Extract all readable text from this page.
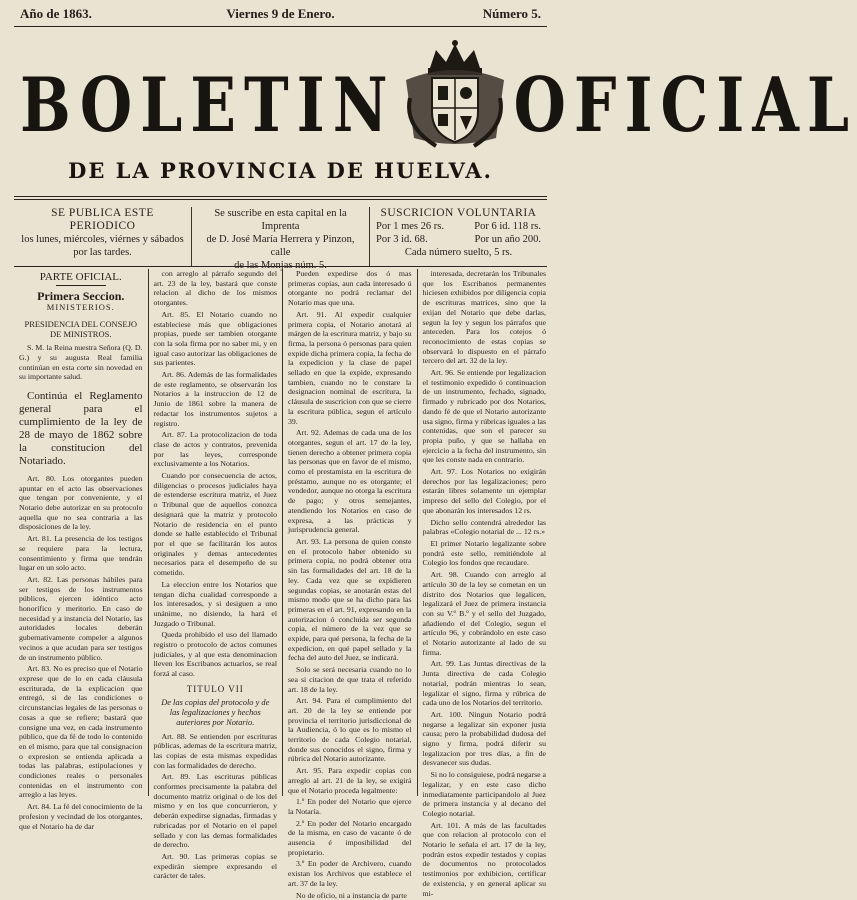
Año de 1863.	Viernes 9 de Enero.	Número 5.
BOLETIN OFICIAL
DE LA PROVINCIA DE HUELVA.
SE PUBLICA ESTE PERIODICO
los lunes, miércoles, viérnes y sábados
por las tardes.
Se suscribe en esta capital en la Imprenta
de D. José María Herrera y Pinzon, calle
de las Monjas núm. 5.
SUSCRICION VOLUNTARIA
Por 1 mes 26 rs.	Por 6 id. 118 rs.
Por 3 id. 68.	Por un año 200.
Cada número suelto, 5 rs.
PARTE OFICIAL.
Primera Seccion.
MINISTERIOS.
PRESIDENCIA DEL CONSEJO DE MINISTROS.

S. M. la Reina nuestra Señora (Q. D. G.) y su augusta Real familia continúan en esta corte sin novedad en su importante salud.

Continúa el Reglamento general para el cumplimiento de la ley de 28 de mayo de 1862 sobre la constitucion del Notariado.

Art. 80. Los otorgantes pueden apuntar en el acto las observaciones que tengan por conveniente, y el Notario debe autorizar en su protocolo aquella que no sea contraria a las disposiciones de la ley.

Art. 81. La presencia de los testigos se requiere para la lectura, consentimiento y firma que tendrán lugar en un solo acto.

Art. 82. Las personas hábiles para ser testigos de los instrumentos públicos, ejercen idéntico acto honorífico y meritorio. En caso de necesidad y a instancia del Notario, las autoridades locales deberán gubernativamente compeler a algunos vecinos a que acudan para ser testigos de un instrumento público.

Art. 83. No es preciso que el Notario exprese que de lo en cada cláusula escriturada, de la explicacion que entregó, si de las condiciones o circunstancias legales de las personas o cosas a que se refiere; bastará que consigne una vez, en cada instrumento público, que da fé de todo lo contenido en el mismo, para que tal consignacion o expresion se entienda aplicada a todas las palabras, estipulaciones y condiciones reales o personales contenidas en el instrumento con arreglo a las leyes.

Art. 84. La fé del conocimiento de la profesion y vecindad de los otorgantes, que el Notario ha de dar

con arreglo al párrafo segundo del art. 23 de la ley, bastará que conste relacion al dicho de los mismos otorgantes.

Art. 85. El Notario cuando no estableciese más que obligaciones propias, puede ser tambien otorgante con la sola firma por no saber mi, y en igual caso autorizar las obligaciones de sus parientes.

Art. 86. Además de las formalidades de este reglamento, se observarán los Notarios a la instruccion de 12 de Junio de 1861 sobre la manera de redactar los instrumentos sujetos a registro.

Art. 87. La protocolizacion de toda clase de actos y contratos, prevenida por las leyes, corresponde exclusivamente a los Notarios.

Cuando por consecuencia de actos, diligencias o procesos judiciales haya de estenderse escritura matriz, el Juez o Tribunal que de aquellos conozca designará que la matriz y protocolo Notario de residencia en el punto donde se halle establecido el Tribunal por el que se facilitarán los autos originales y demas antecedentes necesarios para el desempeño de su cometido.

La eleccion entre los Notarios que tengan dicha cualidad corresponde a los interesados, y si desiguen a uno unánime, no disiendo, la hará el Juzgado o Tribunal.

Queda prohibido el uso del llamado registro o protocolo de actos comunes judiciales, y al que esta denominacion lleven los Escribanos actuarios, se real forzá al caso.

TITULO VII
De las copias del protocolo y de las legalizaciones y hechos auteriores por Notario.

Art. 88. Se entienden por escrituras públicas, ademas de la escritura matriz, las copias de esta mismas expedidas con las formalidades de derecho.

Art. 89. Las escrituras públicas conformes precisamente la palabra del documento matriz original o de los del mismo y en los que concurrieron, y deberán expedirse signadas, firmadas y rubricadas por el Notario en el papel sellado y con las demas formalidades de derecho.

Art. 90. Las primeras copias se expedirán siempre expresando el carácter de tales.

Pueden expedirse dos ó mas primeras copias, aun cada interesado ú otorgante no podrá reclamar del Notario mas que una.

Art. 91. Al expedir cualquier primera copia, el Notario anotará al márgen de la escritura matriz, y bajo su firma, la persona ó personas para quien expide dicha primera copia, la fecha de la expedicion y la clase de papel sellado en que la expide, expresando tambien, cuando no le constare la designacion nominal de escritura, la cláusula de suscricion con que se cierre la escritura pública, segun el artículo 39.

Art. 92. Ademas de cada una de los otorgantes, segun el art. 17 de la ley, tienen derecho a obtener primera copia las personas que en favor de el mismo, como el prestamista en la escritura de préstamo, aunque no es otorgante; el vendedor, aunque no otorga la escritura de pago; y otros semejantes, atendiendo los Notarios en caso de expresa, a las prácticas y jurisprudencia general.

Art. 93. La persona de quien conste en el protocolo haber obtenido su primera copia, no podrá obtener otra sin las formalidades del art. 18 de la ley. Cada vez que se expidieren segundas copias, se anotarán estas del mismo modo que se ha dicho para las primeras en el art. 91, expresando en la autorizacion ó concluida ser segunda copia, el número de la vez que se expide, para qué persona, la fecha de la expedicion, en qué papel sellado y la fecha del auto del Juez, se indicará.

Solo se será necesaria cuando no lo sea si citacion de que trata el referido art. 18 de la ley.

Art. 94. Para el cumplimiento del art. 20 de la ley se entiende por provincia el territorio jurisdiccional de la Audiencia, ó lo que es lo mismo el territorio de cada Colegio notarial, donde sus conocidos el signo, firma y rúbrica del Notario autorizante.

Art. 95. Para expedir copias con arreglo al art. 21 de la ley, se exigirá que el Notario proceda legalmente:

1.º En poder del Notario que ejerce la Notaría.

2.º En poder del Notario encargado de la misma, en caso de vacante ó de ausencia é imposibilidad del propietario.

3.º En poder de Archivero, cuando existan los Archivos que establece el art. 37 de la ley.

No de oficio, ni a instancia de parte

interesada, decretarán los Tribunales que los Escribanos permanentes hiciesen exhibidos por diligencia copia de escrituras matrices, sino que la exijan del Notario que debe darlas, segun la ley y segun los párrafos que anteceden. Para los cotejos ó reconocimiento de estas copias se observará lo dispuesto en el párrafo tercero del art. 32 de la ley.

Art. 96. Se entiende por legalizacion el testimonio expedido ó continuacion de un instrumento, fechado, signado, firmado y rubricado por dos Notarios, dando fé de que el Notario autorizante usa signo, firma y rúbricas iguales a las contenidas, que son el parecer su propia puño, y que se hallaba en ejercicio a la fecha del instrumento, sin que les conste nada en contrario.

Art. 97. Los Notarios no exigirán derechos por las legalizaciones; pero estarán libres solamente un ejemplar impreso del sello del Colegio, por el que abonarán los interesados 12 rs.

Dicho sello contendrá alrededor las palabras «Colegio notarial de ... 12 rs.»

El primer Notario legalizante sobre pondrá este sello, remitiéndole al Colegio los fondos que recaudare.

Art. 98. Cuando con arreglo al artículo 30 de la ley se cometan en un distrito dos Notarios que legalicen, legalizará el Juez de primera instancia con su V.º B.º y el sello del Juzgado, añadiendo el del Colegio, segun el artículo 96, y cobrándolo en este caso el Notario autorizante al lado de su firma.

Art. 99. Las Juntas directivas de la Junta directiva de cada Colegio notarial, podrán mientras lo sean, legalizar el signo, firma y rúbrica de cada uno de los Notarios del territorio.

Art. 100. Ningun Notario podrá negarse a legalizar sin exponer justa causa; pero la probabilidad dudosa del signo y firma, podrá diferir su legalizacion por tres días, a fin de desvanecer sus dudas.

Si no lo consiguiese, podrá negarse a legalizar, y en este caso dicho inmediatamente participandolo al Juez de primera instancia y al decano del Colegio notarial.

Art. 101. A más de las facultades que con relacion al protocolo con el Notario le señala el art. 17 de la ley, podrán estos expedir testados y copias de documentos no protocolados testimonios por exhibicion, certificar de existencia, y en general aplicar su mi-
